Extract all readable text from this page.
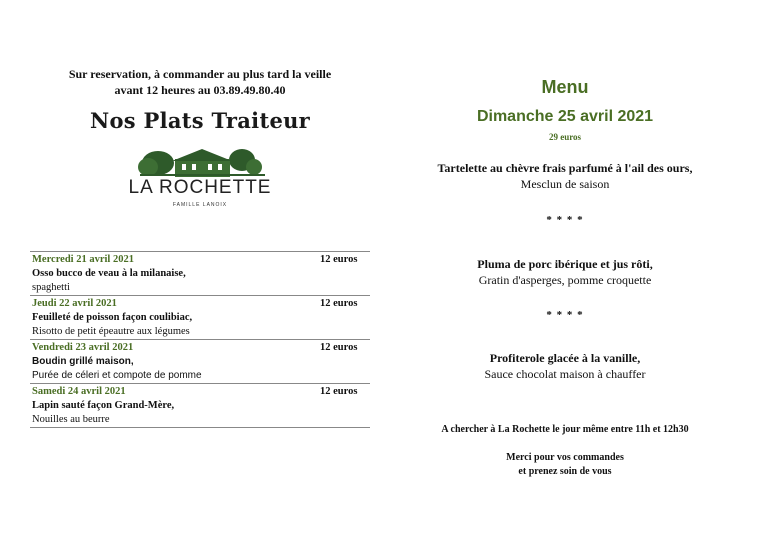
Sur reservation, à commander au plus tard la veille
avant 12 heures au 03.89.49.80.40
Nos Plats Traiteur
LA ROCHETTE
FAMILLE LANOIX
Mercredi 21 avril 2021	12 euros
Osso bucco de veau à la milanaise,
spaghetti
Jeudi 22 avril 2021	12 euros
Feuilleté de poisson façon coulibiac,
Risotto de petit épeautre aux légumes
Vendredi 23 avril 2021	12 euros
Boudin grillé maison,
Purée de céleri et compote de pomme
Samedi 24 avril 2021	12 euros
Lapin sauté façon Grand-Mère,
Nouilles au beurre
Menu
Dimanche 25 avril 2021
29 euros
Tartelette au chèvre frais parfumé à l'ail des ours,
Mesclun de saison
* * * *
Pluma de porc ibérique et jus rôti,
Gratin d'asperges, pomme croquette
* * * *
Profiterole glacée à la vanille,
Sauce chocolat maison à chauffer
A chercher à La Rochette le jour même entre 11h et 12h30
Merci pour vos commandes
et prenez soin de vous
